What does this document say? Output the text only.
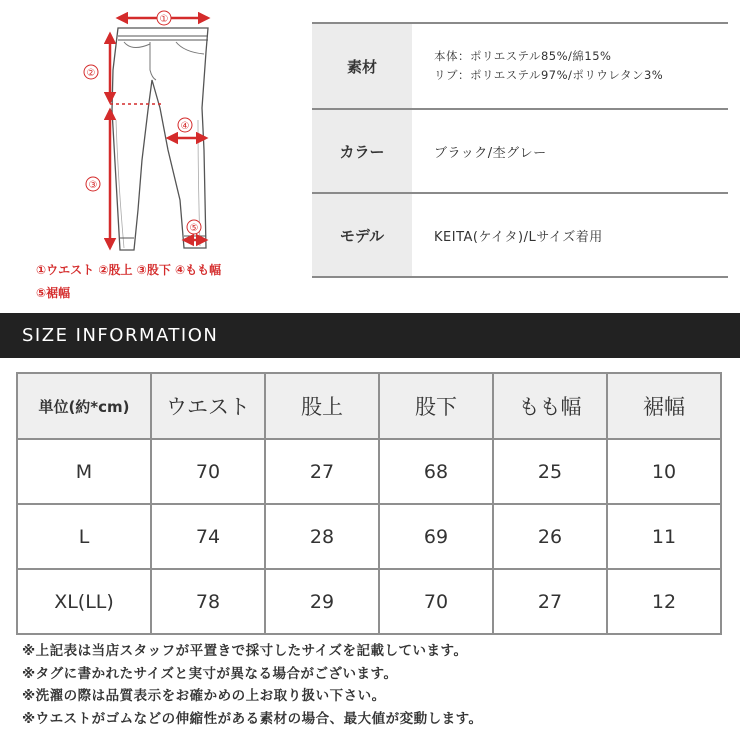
①
②
③
④
⑤
①ウエスト ②股上 ③股下 ④もも幅
⑤裾幅
素材
本体：ポリエステル85%/綿15%
リブ：ポリエステル97%/ポリウレタン3%
カラー	ブラック/杢グレー
モデル	KEITA(ケイタ)/Lサイズ着用
SIZE INFORMATION
単位(約*cm)	ウエスト	股上	股下	もも幅	裾幅
M	70	27	68	25	10
L	74	28	69	26	11
XL(LL)	78	29	70	27	12
※上記表は当店スタッフが平置きで採寸したサイズを記載しています。
※タグに書かれたサイズと実寸が異なる場合がございます。
※洗濯の際は品質表示をお確かめの上お取り扱い下さい。
※ウエストがゴムなどの伸縮性がある素材の場合、最大値が変動します。
